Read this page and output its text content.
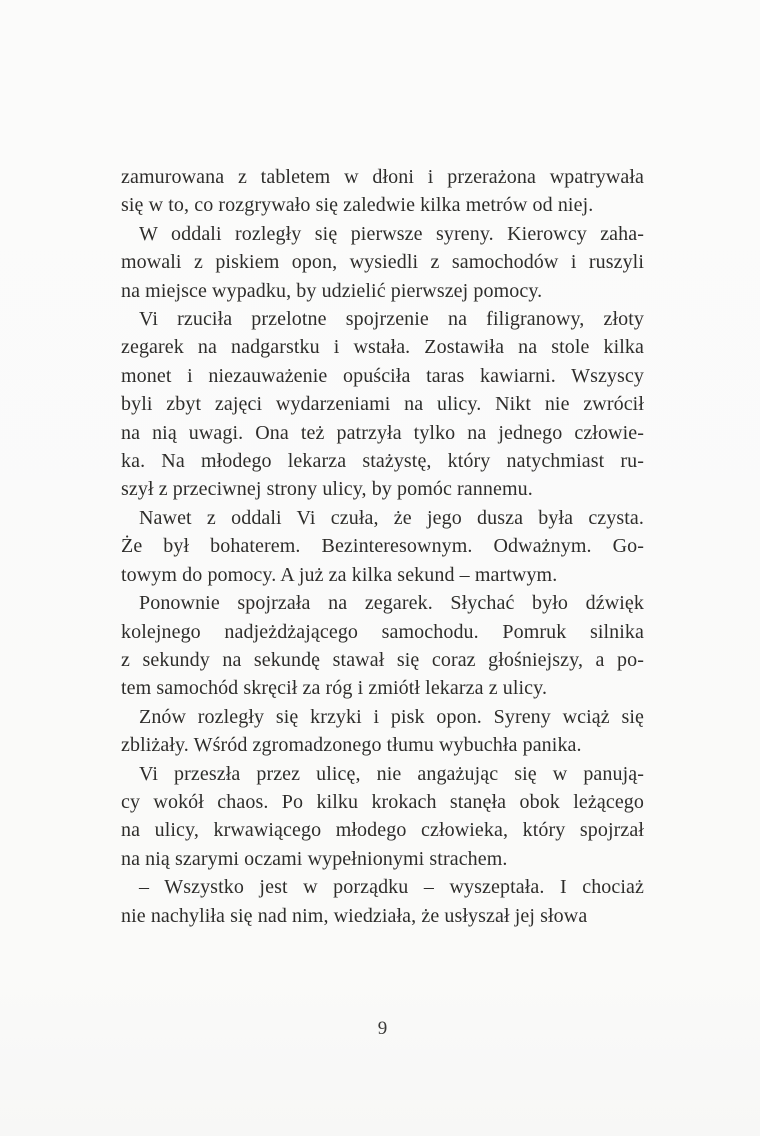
zamurowana z tabletem w dłoni i przerażona wpatrywała
się w to, co rozgrywało się zaledwie kilka metrów od niej.

W oddali rozległy się pierwsze syreny. Kierowcy zaha-
mowali z piskiem opon, wysiedli z samochodów i ruszyli
na miejsce wypadku, by udzielić pierwszej pomocy.

Vi rzuciła przelotne spojrzenie na filigranowy, złoty
zegarek na nadgarstku i wstała. Zostawiła na stole kilka
monet i niezauważenie opuściła taras kawiarni. Wszyscy
byli zbyt zajęci wydarzeniami na ulicy. Nikt nie zwrócił
na nią uwagi. Ona też patrzyła tylko na jednego człowie-
ka. Na młodego lekarza stażystę, który natychmiast ru-
szył z przeciwnej strony ulicy, by pomóc rannemu.

Nawet z oddali Vi czuła, że jego dusza była czysta.
Że był bohaterem. Bezinteresownym. Odważnym. Go-
towym do pomocy. A już za kilka sekund – martwym.

Ponownie spojrzała na zegarek. Słychać było dźwięk
kolejnego nadjeżdżającego samochodu. Pomruk silnika
z sekundy na sekundę stawał się coraz głośniejszy, a po-
tem samochód skręcił za róg i zmiótł lekarza z ulicy.

Znów rozległy się krzyki i pisk opon. Syreny wciąż się
zbliżały. Wśród zgromadzonego tłumu wybuchła panika.

Vi przeszła przez ulicę, nie angażując się w panują-
cy wokół chaos. Po kilku krokach stanęła obok leżącego
na ulicy, krwawiącego młodego człowieka, który spojrzał
na nią szarymi oczami wypełnionymi strachem.

– Wszystko jest w porządku – wyszeptała. I chociaż
nie nachyliła się nad nim, wiedziała, że usłyszał jej słowa

9
